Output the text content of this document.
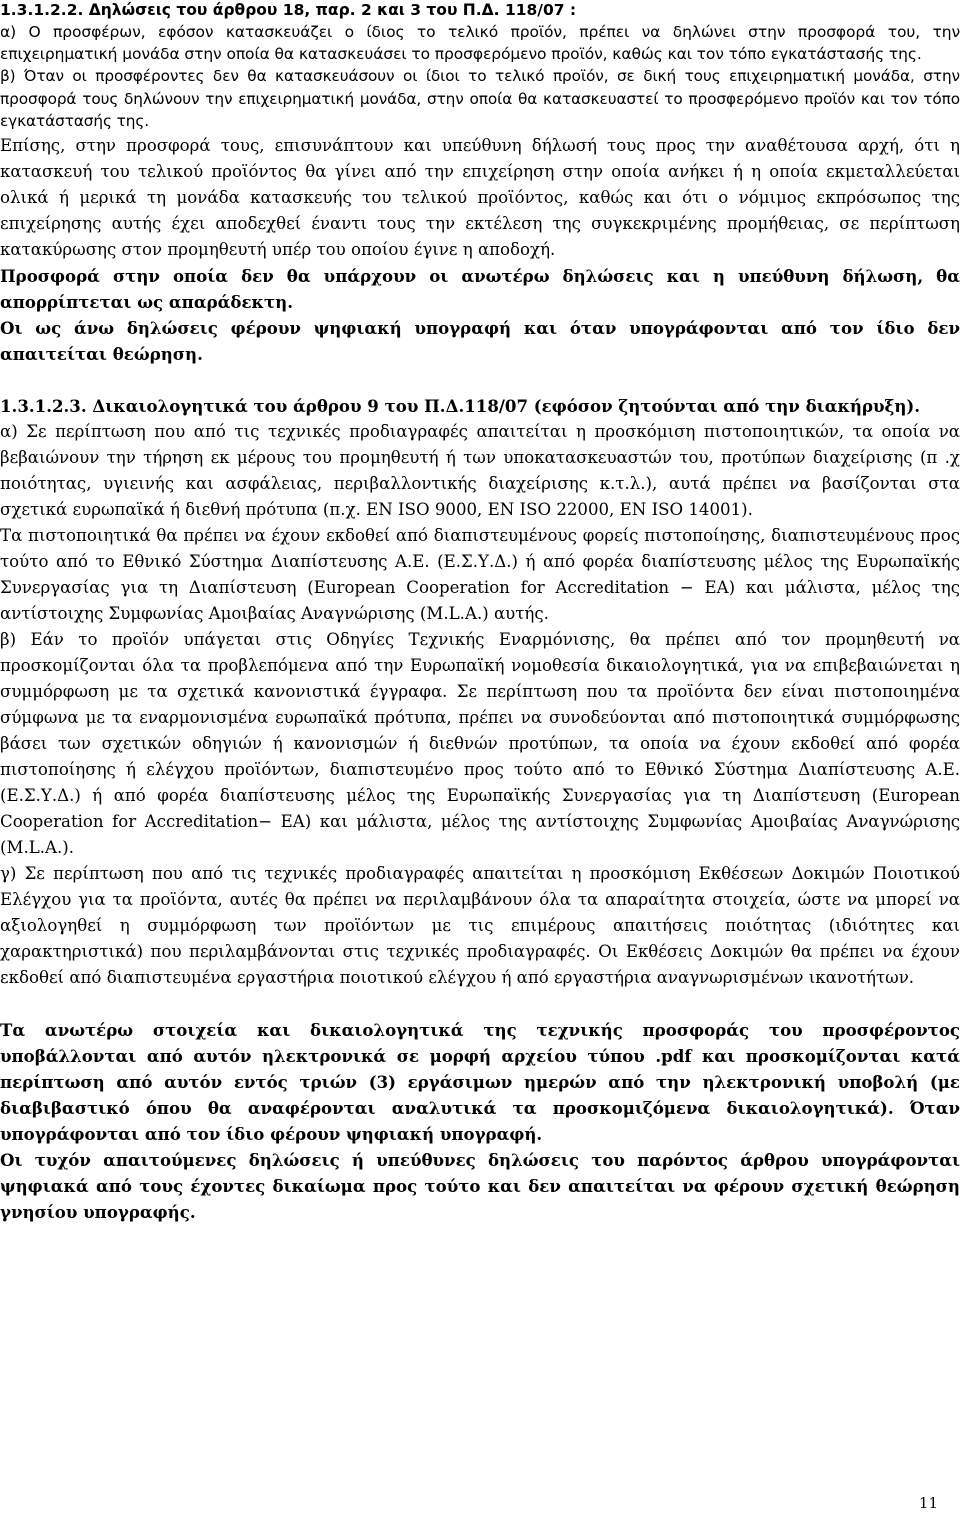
1.3.1.2.2. Δηλώσεις του άρθρου 18, παρ. 2 και 3 του Π.Δ. 118/07 :

α) Ο προσφέρων, εφόσον κατασκευάζει ο ίδιος το τελικό προϊόν, πρέπει να δηλώνει στην προσφορά του, την επιχειρηματική μονάδα στην οποία θα κατασκευάσει το προσφερόμενο προϊόν, καθώς και τον τόπο εγκατάστασής της.

β) Όταν οι προσφέροντες δεν θα κατασκευάσουν οι ίδιοι το τελικό προϊόν, σε δική τους επιχειρηματική μονάδα, στην προσφορά τους δηλώνουν την επιχειρηματική μονάδα, στην οποία θα κατασκευαστεί το προσφερόμενο προϊόν και τον τόπο εγκατάστασής της.

Επίσης, στην προσφορά τους, επισυνάπτουν και υπεύθυνη δήλωσή τους προς την αναθέτουσα αρχή, ότι η κατασκευή του τελικού προϊόντος θα γίνει από την επιχείρηση στην οποία ανήκει ή η οποία εκμεταλλεύεται ολικά ή μερικά τη μονάδα κατασκευής του τελικού προϊόντος, καθώς και ότι ο νόμιμος εκπρόσωπος της επιχείρησης αυτής έχει αποδεχθεί έναντι τους την εκτέλεση της συγκεκριμένης προμήθειας, σε περίπτωση κατακύρωσης στον προμηθευτή υπέρ του οποίου έγινε η αποδοχή.

Προσφορά στην οποία δεν θα υπάρχουν οι ανωτέρω δηλώσεις και η υπεύθυνη δήλωση, θα απορρίπτεται ως απαράδεκτη.

Οι ως άνω δηλώσεις φέρουν ψηφιακή υπογραφή και όταν υπογράφονται από τον ίδιο δεν απαιτείται θεώρηση.

1.3.1.2.3. Δικαιολογητικά του άρθρου 9 του Π.Δ.118/07 (εφόσον ζητούνται από την διακήρυξη).

α) Σε περίπτωση που από τις τεχνικές προδιαγραφές απαιτείται η προσκόμιση πιστοποιητικών, τα οποία να βεβαιώνουν την τήρηση εκ μέρους του προμηθευτή ή των υποκατασκευαστών του, προτύπων διαχείρισης (π .χ ποιότητας, υγιεινής και ασφάλειας, περιβαλλοντικής διαχείρισης κ.τ.λ.), αυτά πρέπει να βασίζονται στα σχετικά ευρωπαϊκά ή διεθνή πρότυπα (π.χ. EN ISO 9000, EN ISO 22000, EN ISO 14001).

Τα πιστοποιητικά θα πρέπει να έχουν εκδοθεί από διαπιστευμένους φορείς πιστοποίησης, διαπιστευμένους προς τούτο από το Εθνικό Σύστημα Διαπίστευσης Α.Ε. (Ε.Σ.Υ.Δ.) ή από φορέα διαπίστευσης μέλος της Ευρωπαϊκής Συνεργασίας για τη Διαπίστευση (European Cooperation for Accreditation − EA) και μάλιστα, μέλος της αντίστοιχης Συμφωνίας Αμοιβαίας Αναγνώρισης (M.L.A.) αυτής.

β) Εάν το προϊόν υπάγεται στις Οδηγίες Τεχνικής Εναρμόνισης, θα πρέπει από τον προμηθευτή να προσκομίζονται όλα τα προβλεπόμενα από την Ευρωπαϊκή νομοθεσία δικαιολογητικά, για να επιβεβαιώνεται η συμμόρφωση με τα σχετικά κανονιστικά έγγραφα. Σε περίπτωση που τα προϊόντα δεν είναι πιστοποιημένα σύμφωνα με τα εναρμονισμένα ευρωπαϊκά πρότυπα, πρέπει να συνοδεύονται από πιστοποιητικά συμμόρφωσης βάσει των σχετικών οδηγιών ή κανονισμών ή διεθνών προτύπων, τα οποία να έχουν εκδοθεί από φορέα πιστοποίησης ή ελέγχου προϊόντων, διαπιστευμένο προς τούτο από το Εθνικό Σύστημα Διαπίστευσης Α.Ε. (Ε.Σ.Υ.Δ.) ή από φορέα διαπίστευσης μέλος της Ευρωπαϊκής Συνεργασίας για τη Διαπίστευση (European Cooperation for Accreditation− EA) και μάλιστα, μέλος της αντίστοιχης Συμφωνίας Αμοιβαίας Αναγνώρισης (M.L.A.).

γ) Σε περίπτωση που από τις τεχνικές προδιαγραφές απαιτείται η προσκόμιση Εκθέσεων Δοκιμών Ποιοτικού Ελέγχου για τα προϊόντα, αυτές θα πρέπει να περιλαμβάνουν όλα τα απαραίτητα στοιχεία, ώστε να μπορεί να αξιολογηθεί η συμμόρφωση των προϊόντων με τις επιμέρους απαιτήσεις ποιότητας (ιδιότητες και χαρακτηριστικά) που περιλαμβάνονται στις τεχνικές προδιαγραφές. Οι Εκθέσεις Δοκιμών θα πρέπει να έχουν εκδοθεί από διαπιστευμένα εργαστήρια ποιοτικού ελέγχου ή από εργαστήρια αναγνωρισμένων ικανοτήτων.

Τα ανωτέρω στοιχεία και δικαιολογητικά της τεχνικής προσφοράς του προσφέροντος υποβάλλονται από αυτόν ηλεκτρονικά σε μορφή αρχείου τύπου .pdf και προσκομίζονται κατά περίπτωση από αυτόν εντός τριών (3) εργάσιμων ημερών από την ηλεκτρονική υποβολή (με διαβιβαστικό όπου θα αναφέρονται αναλυτικά τα προσκομιζόμενα δικαιολογητικά). Όταν υπογράφονται από τον ίδιο φέρουν ψηφιακή υπογραφή.

Οι τυχόν απαιτούμενες δηλώσεις ή υπεύθυνες δηλώσεις του παρόντος άρθρου υπογράφονται ψηφιακά από τους έχοντες δικαίωμα προς τούτο και δεν απαιτείται να φέρουν σχετική θεώρηση γνησίου υπογραφής.

11
